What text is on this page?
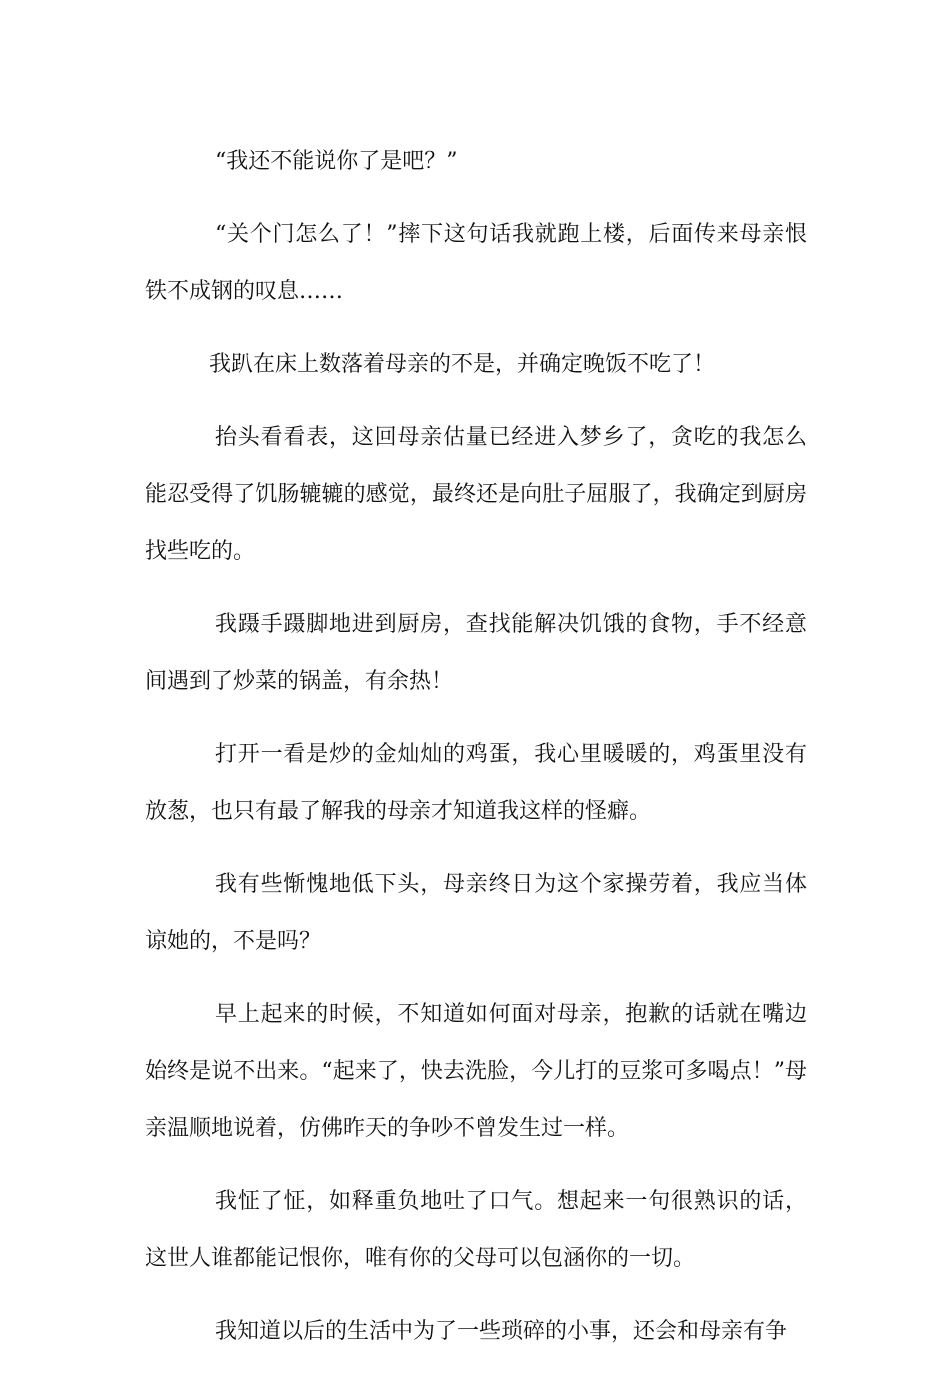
“我还不能说你了是吧？”

“关个门怎么了！”摔下这句话我就跑上楼，后面传来母亲恨铁不成钢的叹息……

我趴在床上数落着母亲的不是，并确定晚饭不吃了！

抬头看看表，这回母亲估量已经进入梦乡了，贪吃的我怎么能忍受得了饥肠辘辘的感觉，最终还是向肚子屈服了，我确定到厨房找些吃的。

我蹑手蹑脚地进到厨房，查找能解决饥饿的食物，手不经意间遇到了炒菜的锅盖，有余热！

打开一看是炒的金灿灿的鸡蛋，我心里暖暖的，鸡蛋里没有放葱，也只有最了解我的母亲才知道我这样的怪癖。

我有些惭愧地低下头，母亲终日为这个家操劳着，我应当体谅她的，不是吗？

早上起来的时候，不知道如何面对母亲，抱歉的话就在嘴边始终是说不出来。“起来了，快去洗脸，今儿打的豆浆可多喝点！”母亲温顺地说着，仿佛昨天的争吵不曾发生过一样。

我怔了怔，如释重负地吐了口气。想起来一句很熟识的话，这世人谁都能记恨你，唯有你的父母可以包涵你的一切。

我知道以后的生活中为了一些琐碎的小事，还会和母亲有争
